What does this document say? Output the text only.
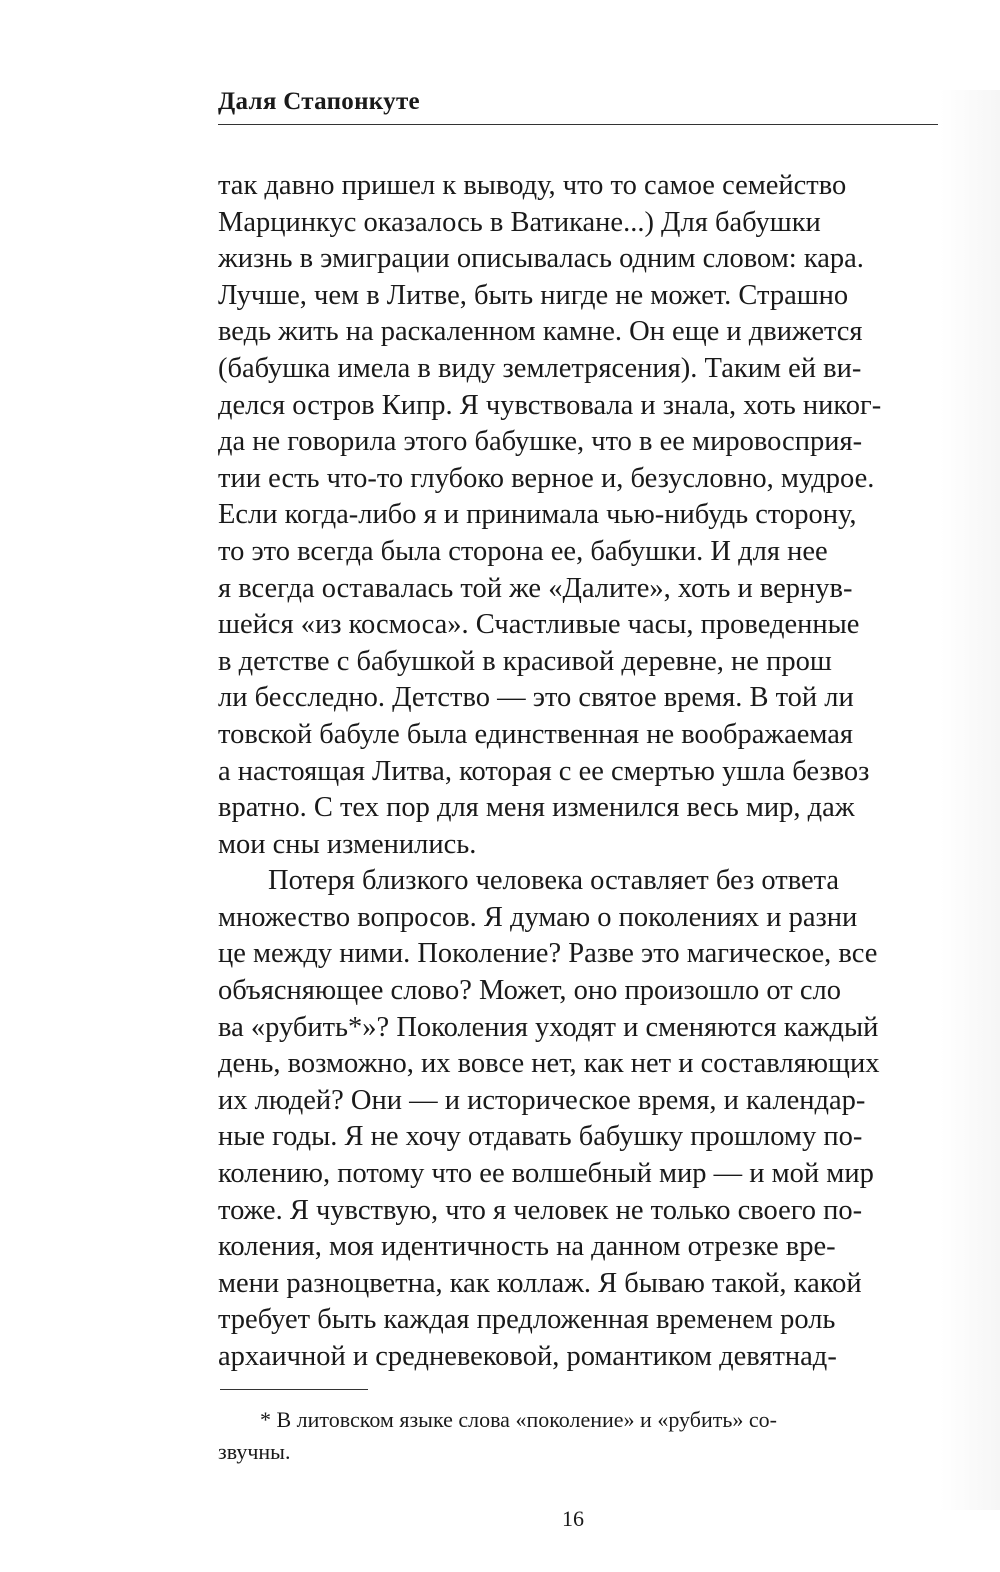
Даля Стапонкуте
так давно пришел к выводу, что то самое семейство
Марцинкус оказалось в Ватикане...) Для бабушки
жизнь в эмиграции описывалась одним словом: кара.
Лучше, чем в Литве, быть нигде не может. Страшно
ведь жить на раскаленном камне. Он еще и движется
(бабушка имела в виду землетрясения). Таким ей ви-
делся остров Кипр. Я чувствовала и знала, хоть никог-
да не говорила этого бабушке, что в ее мировосприя-
тии есть что-то глубоко верное и, безусловно, мудрое.
Если когда-либо я и принимала чью-нибудь сторону,
то это всегда была сторона ее, бабушки. И для нее
я всегда оставалась той же «Далите», хоть и вернув-
шейся «из космоса». Счастливые часы, проведенные
в детстве с бабушкой в красивой деревне, не прош
ли бесследно. Детство — это святое время. В той ли
товской бабуле была единственная не воображаемая
а настоящая Литва, которая с ее смертью ушла безвоз
вратно. С тех пор для меня изменился весь мир, даж
мои сны изменились.
Потеря близкого человека оставляет без ответа
множество вопросов. Я думаю о поколениях и разни
це между ними. Поколение? Разве это магическое, все
объясняющее слово? Может, оно произошло от сло
ва «рубить*»? Поколения уходят и сменяются каждый
день, возможно, их вовсе нет, как нет и составляющих
их людей? Они — и историческое время, и календар-
ные годы. Я не хочу отдавать бабушку прошлому по-
колению, потому что ее волшебный мир — и мой мир
тоже. Я чувствую, что я человек не только своего по-
коления, моя идентичность на данном отрезке вре-
мени разноцветна, как коллаж. Я бываю такой, какой
требует быть каждая предложенная временем роль
архаичной и средневековой, романтиком девятнад-
* В литовском языке слова «поколение» и «рубить» со-
звучны.
16
